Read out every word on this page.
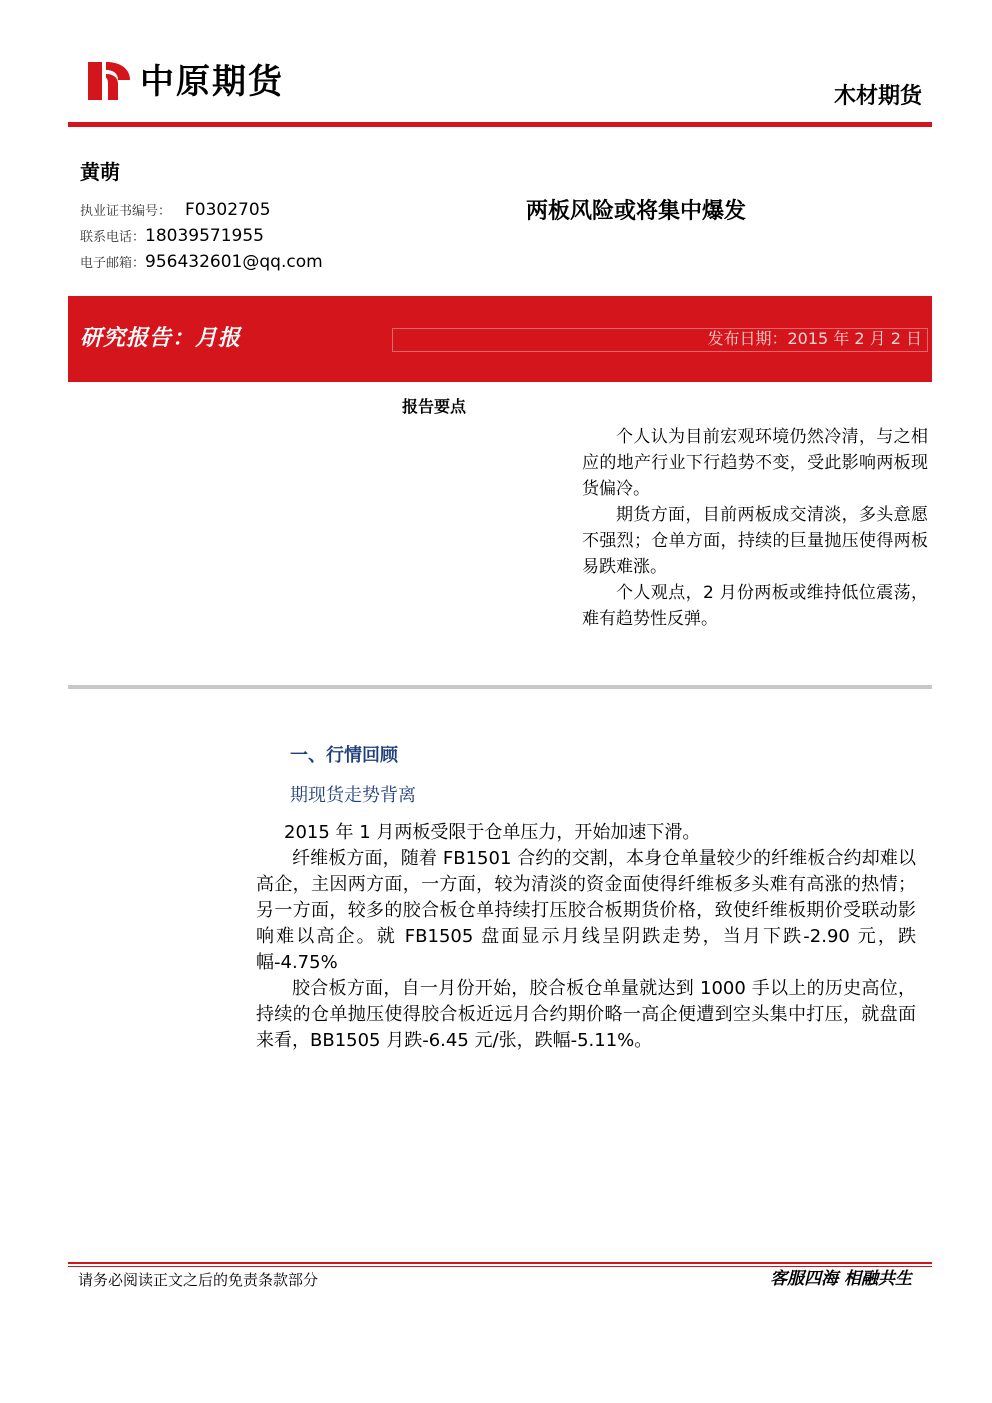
中原期货	木材期货
黄萌
执业证书编号： F0302705
联系电话：18039571955
电子邮箱：956432601@qq.com
两板风险或将集中爆发
研究报告：月报	发布日期：2015 年 2 月 2 日
报告要点

个人认为目前宏观环境仍然冷清，与之相应的地产行业下行趋势不变，受此影响两板现货偏冷。

期货方面，目前两板成交清淡，多头意愿不强烈；仓单方面，持续的巨量抛压使得两板易跌难涨。

个人观点，2 月份两板或维持低位震荡，难有趋势性反弹。

一、行情回顾
期现货走势背离

2015 年 1 月两板受限于仓单压力，开始加速下滑。

纤维板方面，随着 FB1501 合约的交割，本身仓单量较少的纤维板合约却难以高企，主因两方面，一方面，较为清淡的资金面使得纤维板多头难有高涨的热情；另一方面，较多的胶合板仓单持续打压胶合板期货价格，致使纤维板期价受联动影响难以高企。就 FB1505 盘面显示月线呈阴跌走势，当月下跌-2.90 元，跌幅-4.75%

胶合板方面，自一月份开始，胶合板仓单量就达到 1000 手以上的历史高位，持续的仓单抛压使得胶合板近远月合约期价略一高企便遭到空头集中打压，就盘面来看，BB1505 月跌-6.45 元/张，跌幅-5.11%。

请务必阅读正文之后的免责条款部分	客服四海 相融共生
